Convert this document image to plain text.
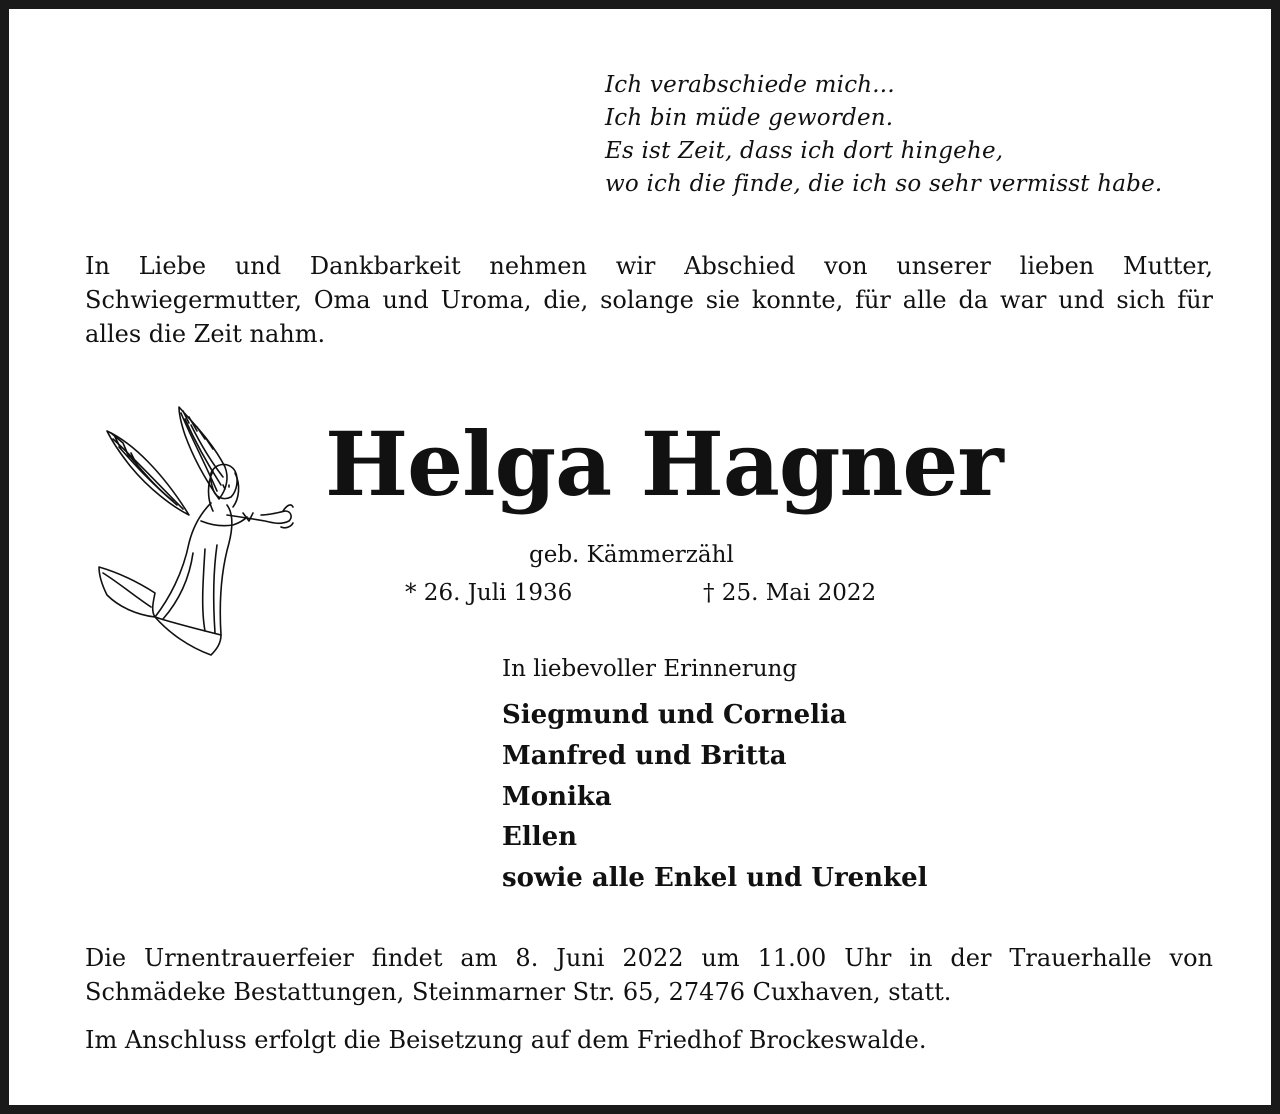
Ich verabschiede mich...
Ich bin müde geworden.
Es ist Zeit, dass ich dort hingehe,
wo ich die finde, die ich so sehr vermisst habe.
In Liebe und Dankbarkeit nehmen wir Abschied von unserer lieben Mutter, Schwiegermutter, Oma und Uroma, die, solange sie konnte, für alle da war und sich für alles die Zeit nahm.
Helga Hagner
geb. Kämmerzähl
* 26. Juli 1936	† 25. Mai 2022
In liebevoller Erinnerung
Siegmund und Cornelia
Manfred und Britta
Monika
Ellen
sowie alle Enkel und Urenkel
Die Urnentrauerfeier findet am 8. Juni 2022 um 11.00 Uhr in der Trauerhalle von Schmädeke Bestattungen, Steinmarner Str. 65, 27476 Cuxhaven, statt.
Im Anschluss erfolgt die Beisetzung auf dem Friedhof Brockeswalde.
